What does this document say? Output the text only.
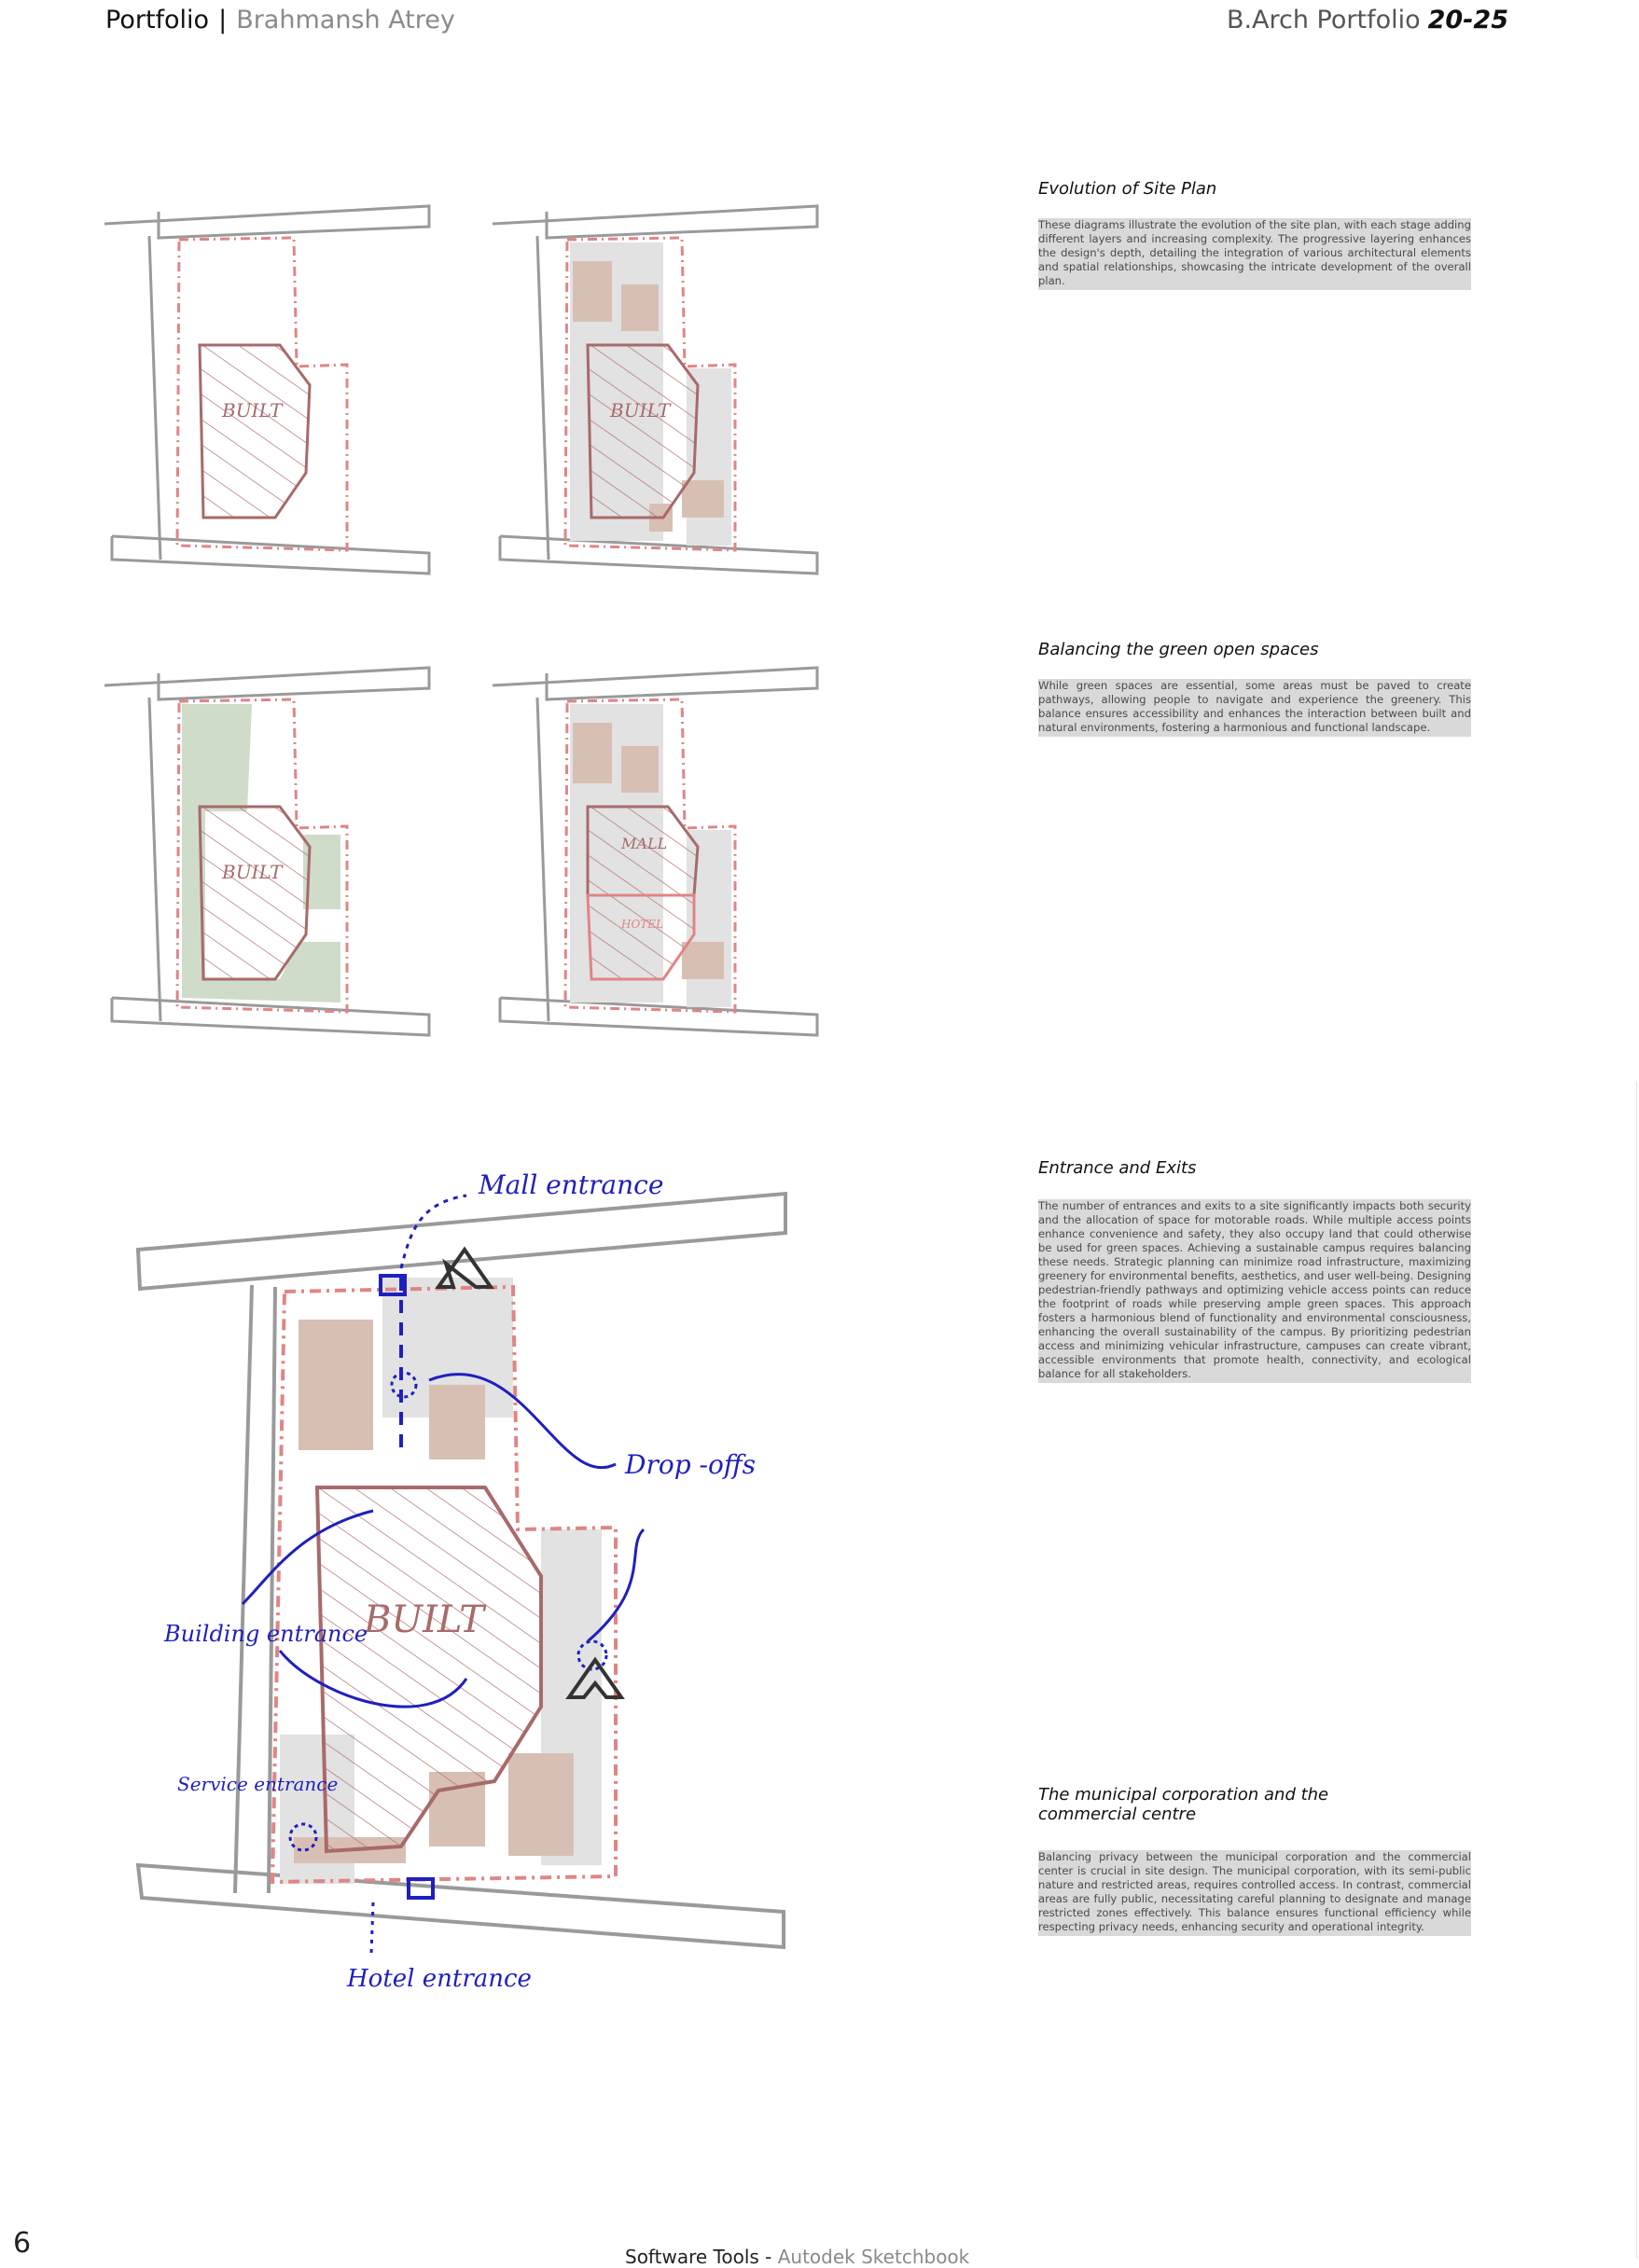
Portfolio | Brahmansh Atrey	B.Arch Portfolio 20-25
BUILT	BUILT
BUILT
MALL
HOTEL
BUILT
Mall entrance
Drop -offs
Building entrance
Service entrance
Hotel entrance
Evolution of Site Plan
These diagrams illustrate the evolution of the site plan, with each stage adding different layers and increasing complexity. The progressive layering enhances the design's depth, detailing the integration of various architectural elements and spatial relationships, showcasing the intricate development of the overall plan.
Balancing the green open spaces
While green spaces are essential, some areas must be paved to create pathways, allowing people to navigate and experience the greenery. This balance ensures accessibility and enhances the interaction between built and natural environments, fostering a harmonious and functional landscape.
Entrance and Exits
The number of entrances and exits to a site significantly impacts both security and the allocation of space for motorable roads. While multiple access points enhance convenience and safety, they also occupy land that could otherwise be used for green spaces. Achieving a sustainable campus requires balancing these needs. Strategic planning can minimize road infrastructure, maximizing greenery for environmental benefits, aesthetics, and user well-being. Designing pedestrian-friendly pathways and optimizing vehicle access points can reduce the footprint of roads while preserving ample green spaces. This approach fosters a harmonious blend of functionality and environmental consciousness, enhancing the overall sustainability of the campus. By prioritizing pedestrian access and minimizing vehicular infrastructure, campuses can create vibrant, accessible environments that promote health, connectivity, and ecological balance for all stakeholders.
The municipal corporation and the commercial centre
Balancing privacy between the municipal corporation and the commercial center is crucial in site design. The municipal corporation, with its semi-public nature and restricted areas, requires controlled access. In contrast, commercial areas are fully public, necessitating careful planning to designate and manage restricted zones effectively. This balance ensures functional efficiency while respecting privacy needs, enhancing security and operational integrity.
6	Software Tools - Autodek Sketchbook
